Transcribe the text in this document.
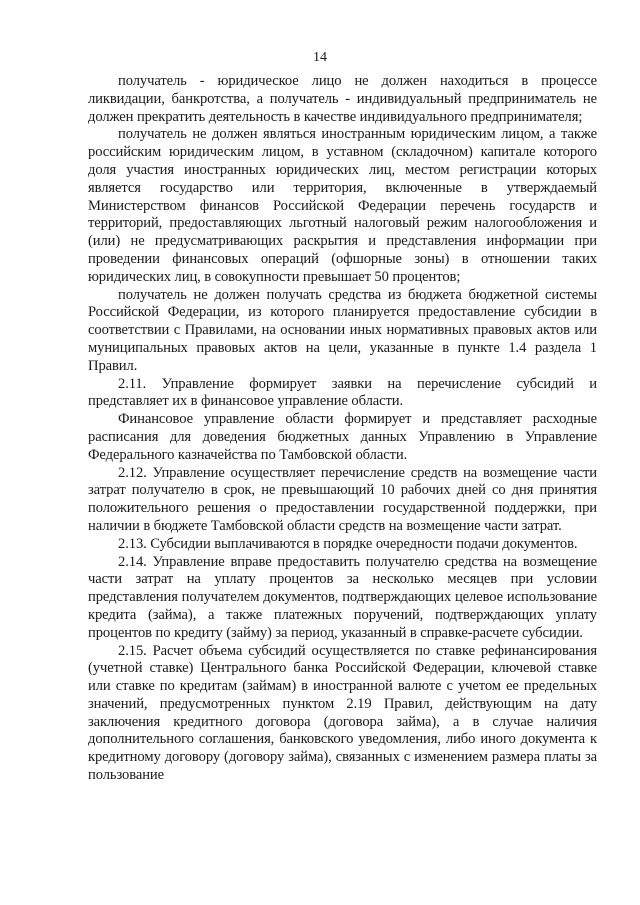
14

получатель - юридическое лицо не должен находиться в процессе ликвидации, банкротства, а получатель - индивидуальный предприниматель не должен прекратить деятельность в качестве индивидуального предпринимателя;

получатель не должен являться иностранным юридическим лицом, а также российским юридическим лицом, в уставном (складочном) капитале которого доля участия иностранных юридических лиц, местом регистрации которых является государство или территория, включенные в утверждаемый Министерством финансов Российской Федерации перечень государств и территорий, предоставляющих льготный налоговый режим налогообложения и (или) не предусматривающих раскрытия и представления информации при проведении финансовых операций (офшорные зоны) в отношении таких юридических лиц, в совокупности превышает 50 процентов;

получатель не должен получать средства из бюджета бюджетной системы Российской Федерации, из которого планируется предоставление субсидии в соответствии с Правилами, на основании иных нормативных правовых актов или муниципальных правовых актов на цели, указанные в пункте 1.4 раздела 1 Правил.

2.11. Управление формирует заявки на перечисление субсидий и представляет их в финансовое управление области.

Финансовое управление области формирует и представляет расходные расписания для доведения бюджетных данных Управлению в Управление Федерального казначейства по Тамбовской области.

2.12. Управление осуществляет перечисление средств на возмещение части затрат получателю в срок, не превышающий 10 рабочих дней со дня принятия положительного решения о предоставлении государственной поддержки, при наличии в бюджете Тамбовской области средств на возмещение части затрат.

2.13. Субсидии выплачиваются в порядке очередности подачи документов.

2.14. Управление вправе предоставить получателю средства на возмещение части затрат на уплату процентов за несколько месяцев при условии представления получателем документов, подтверждающих целевое использование кредита (займа), а также платежных поручений, подтверждающих уплату процентов по кредиту (займу) за период, указанный в справке-расчете субсидии.

2.15. Расчет объема субсидий осуществляется по ставке рефинансирования (учетной ставке) Центрального банка Российской Федерации, ключевой ставке или ставке по кредитам (займам) в иностранной валюте с учетом ее предельных значений, предусмотренных пунктом 2.19 Правил, действующим на дату заключения кредитного договора (договора займа), а в случае наличия дополнительного соглашения, банковского уведомления, либо иного документа к кредитному договору (договору займа), связанных с изменением размера платы за пользование
